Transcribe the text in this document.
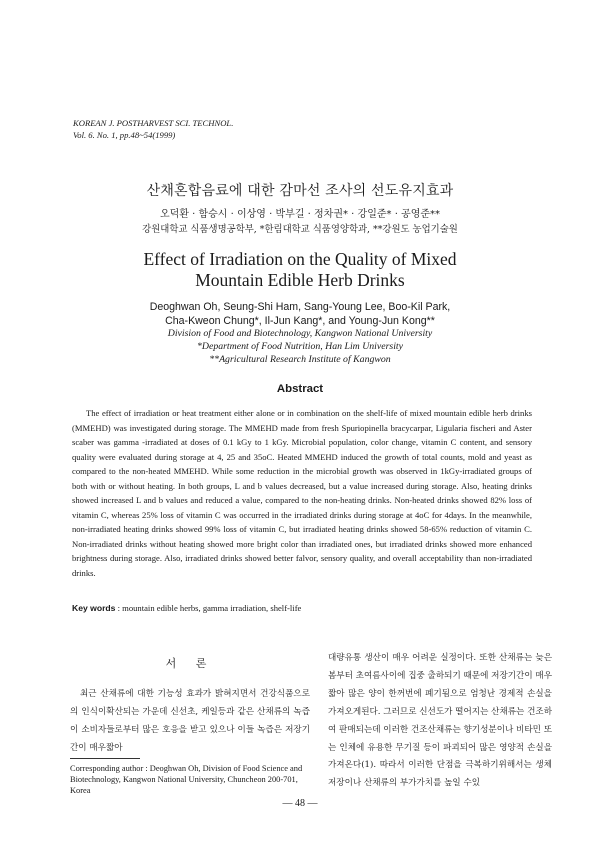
KOREAN J. POSTHARVEST SCI. TECHNOL.
Vol. 6. No. 1, pp.48~54(1999)
산채혼합음료에 대한 감마선 조사의 선도유지효과
오덕환 · 함승시 · 이상영 · 박부길 · 정차권* · 강일준* · 공영준**
강원대학교 식품생명공학부, *한림대학교 식품영양학과, **강원도 농업기술원
Effect of Irradiation on the Quality of Mixed
Mountain Edible Herb Drinks
Deoghwan Oh, Seung-Shi Ham, Sang-Young Lee, Boo-Kil Park,
Cha-Kweon Chung*, Il-Jun Kang*, and Young-Jun Kong**
Division of Food and Biotechnology, Kangwon National University
*Department of Food Nutrition, Han Lim University
**Agricultural Research Institute of Kangwon
Abstract

The effect of irradiation or heat treatment either alone or in combination on the shelf-life of mixed mountain edible herb drinks (MMEHD) was investigated during storage. The MMEHD made from fresh Spuriopinella bracycarpar, Ligularia fischeri and Aster scaber was gamma -irradiated at doses of 0.1 kGy to 1 kGy. Microbial population, color change, vitamin C content, and sensory quality were evaluated during storage at 4, 25 and 35oC. Heated MMEHD induced the growth of total counts, mold and yeast as compared to the non-heated MMEHD. While some reduction in the microbial growth was observed in 1kGy-irradiated groups of both with or without heating. In both groups, L and b values decreased, but a value increased during storage. Also, heating drinks showed increased L and b values and reduced a value, compared to the non-heating drinks. Non-heated drinks showed 82% loss of vitamin C, whereas 25% loss of vitamin C was occurred in the irradiated drinks during storage at 4oC for 4days. In the meanwhile, non-irradiated heating drinks showed 99% loss of vitamin C, but irradiated heating drinks showed 58-65% reduction of vitamin C. Non-irradiated drinks without heating showed more bright color than irradiated ones, but irradiated drinks showed more enhanced brightness during storage. Also, irradiated drinks showed better falvor, sensory quality, and overall acceptability than non-irradiated drinks.

Key words : mountain edible herbs, gamma irradiation, shelf-life
서 론

최근 산채류에 대한 기능성 효과가 밝혀지면서 건강식품으로의 인식이확산되는 가운데 신선초, 케일등과 같은 산채류의 녹즙이 소비자들로부터 많은 호응을 받고 있으나 이들 녹즙은 저장기간이 매우짧아

Corresponding author : Deoghwan Oh, Division of Food Science and Biotechnology, Kangwon National University, Chuncheon 200-701, Korea

대량유통 생산이 매우 어려운 실정이다. 또한 산채류는 늦은 봄부터 초여름사이에 집중 출하되기 때문에 저장기간이 매우짧아 많은 양이 한꺼번에 폐기됨으로 엄청난 경제적 손실을 가져오게된다. 그러므로 신선도가 떨어지는 산채류는 건조하여 판매되는데 이러한 건조산채류는 향기성분이나 비타민 또는 인체에 유용한 무기질 등이 파괴되어 많은 영양적 손실을 가져온다(1). 따라서 이러한 단점을 극복하기위해서는 생체저장이나 산채류의 부가가치를 높일 수있

— 48 —
